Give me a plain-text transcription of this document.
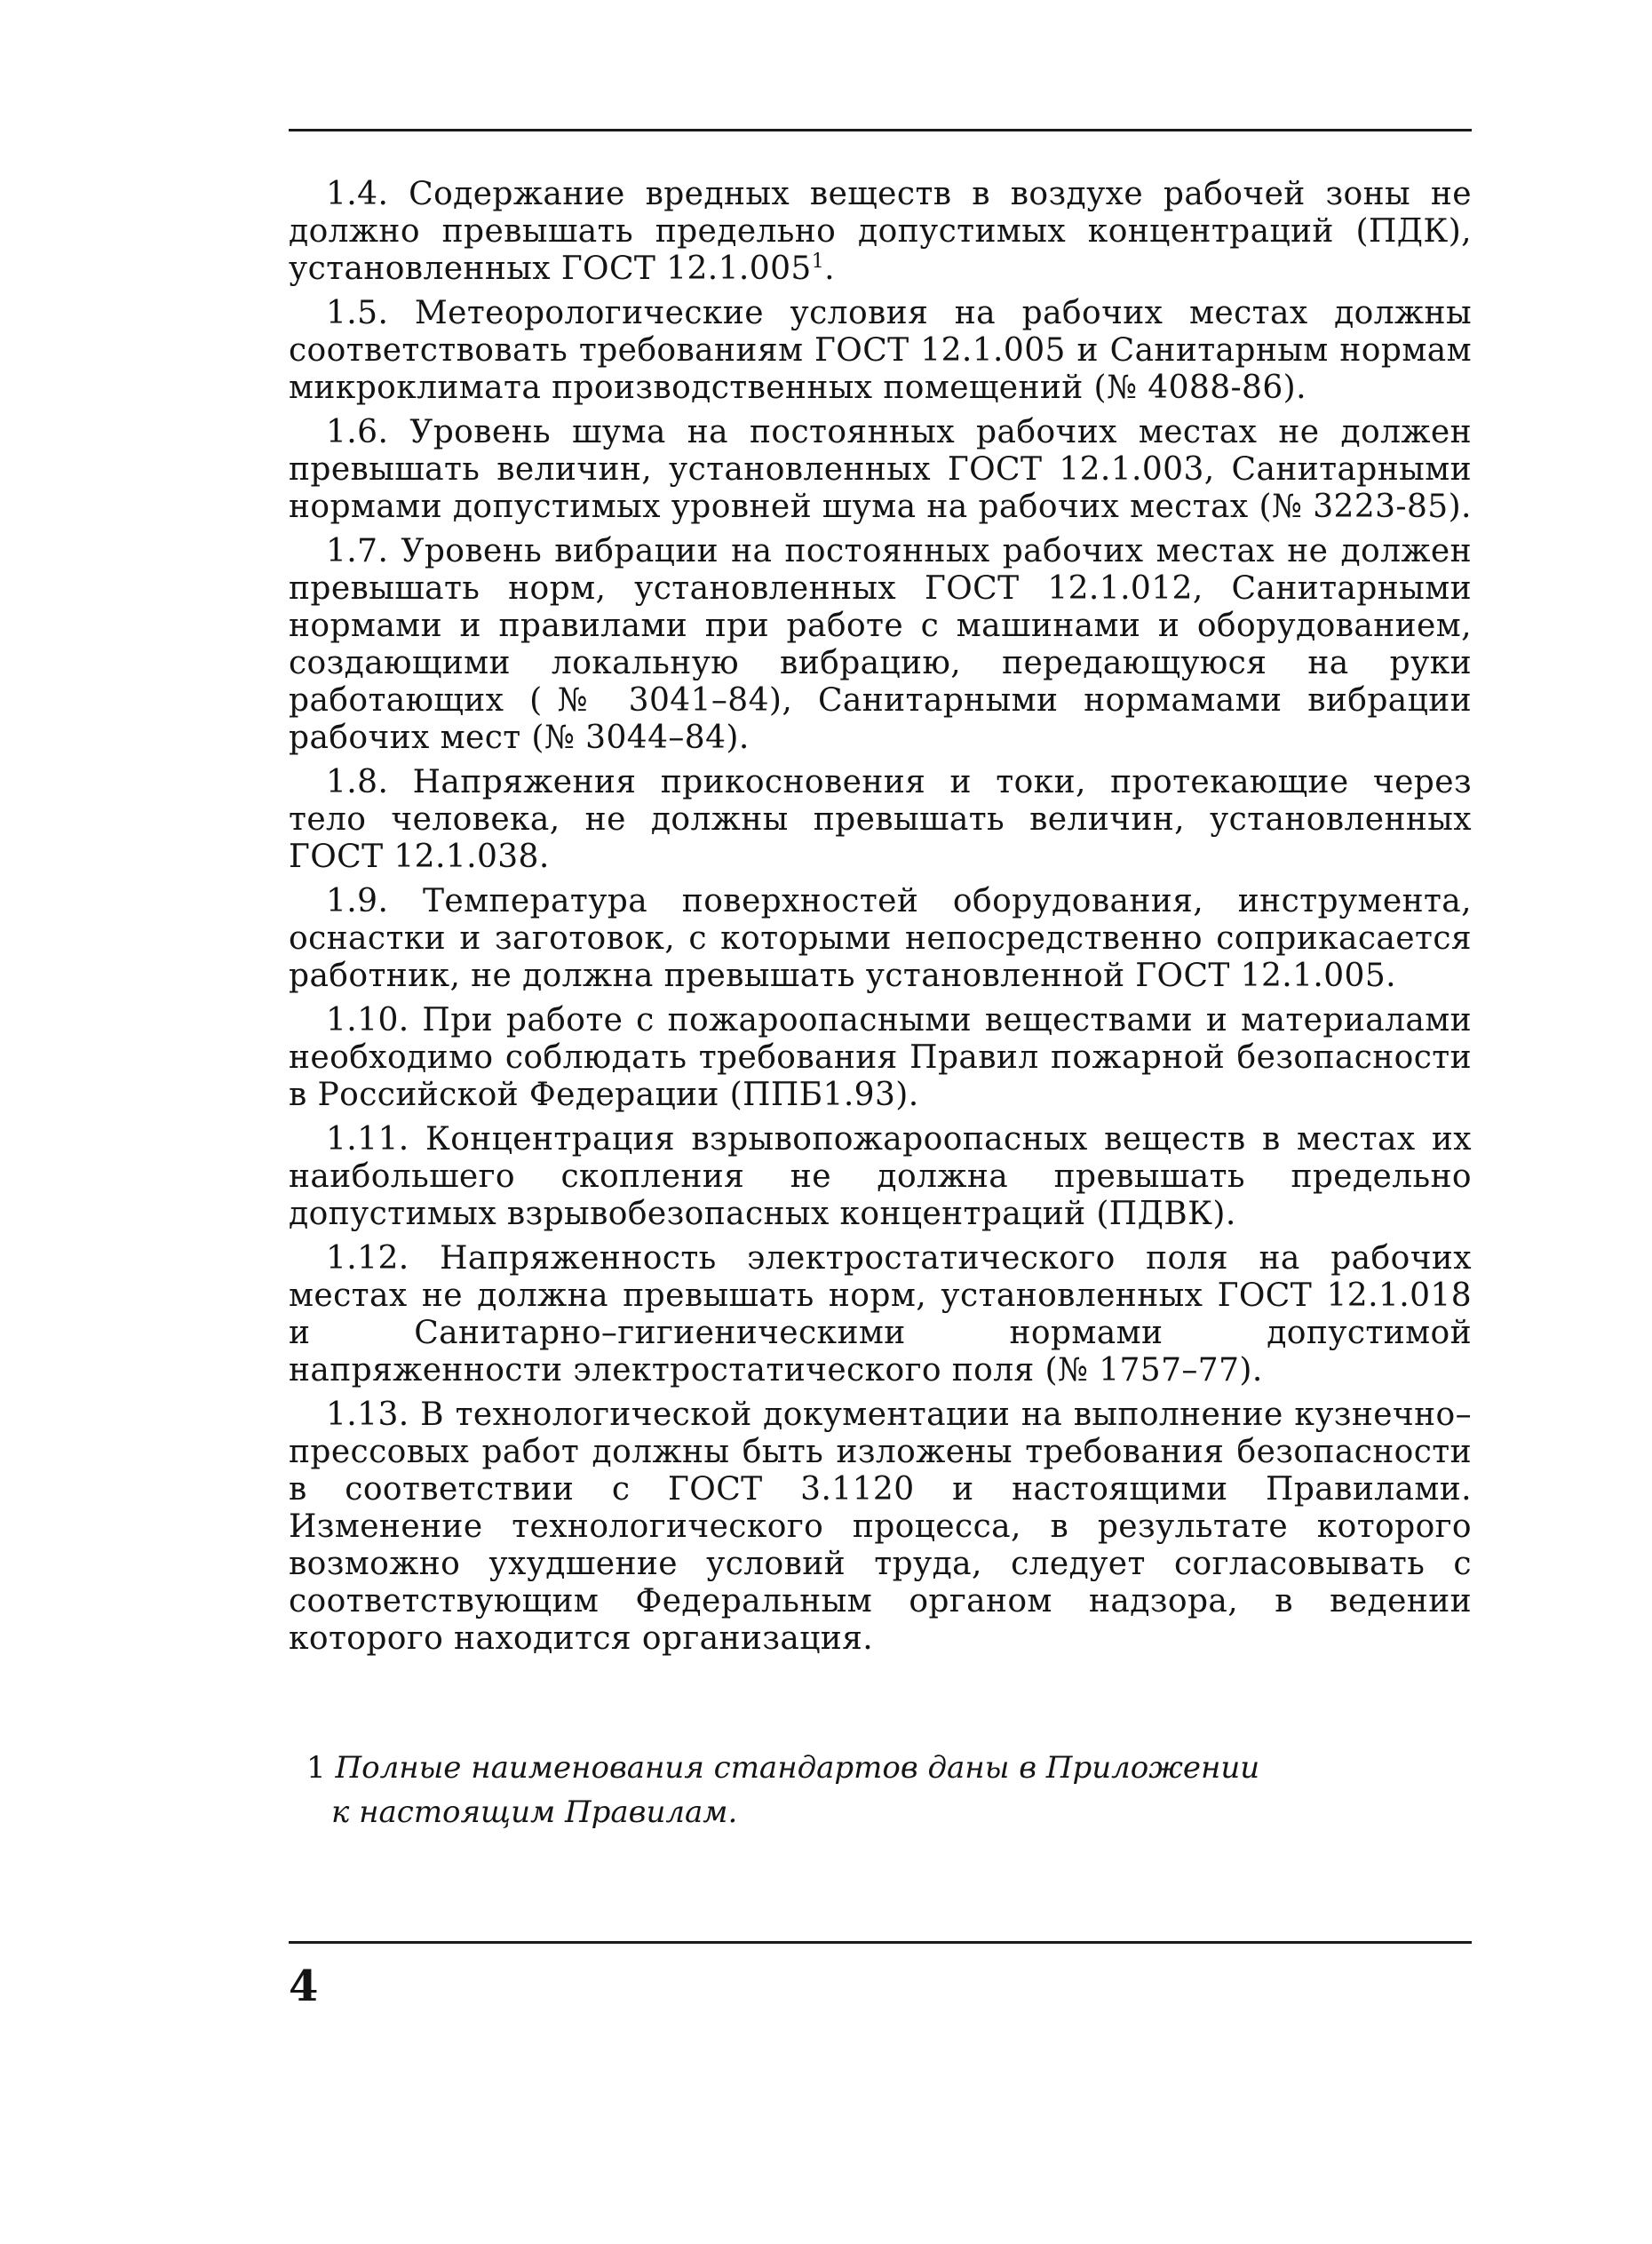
1.4. Содержание вредных веществ в воздухе рабочей зоны не должно превышать предельно допустимых концентраций (ПДК), установленных ГОСТ 12.1.005$^1$.

1.5. Метеорологические условия на рабочих местах должны соответствовать требованиям ГОСТ 12.1.005 и Санитарным нормам микроклимата производственных помещений (№ 4088-86).

1.6. Уровень шума на постоянных рабочих местах не должен превышать величин, установленных ГОСТ 12.1.003, Санитарными нормами допустимых уровней шума на рабочих местах (№ 3223-85).

1.7. Уровень вибрации на постоянных рабочих местах не должен превышать норм, установленных ГОСТ 12.1.012, Санитарными нормами и правилами при работе с машинами и оборудованием, создающими локальную вибрацию, передающуюся на руки работающих (№ 3041–84), Санитарными нормамами вибрации рабочих мест (№ 3044–84).

1.8. Напряжения прикосновения и токи, протекающие через тело человека, не должны превышать величин, установленных ГОСТ 12.1.038.

1.9. Температура поверхностей оборудования, инструмента, оснастки и заготовок, с которыми непосредственно соприкасается работник, не должна превышать установленной ГОСТ 12.1.005.

1.10. При работе с пожароопасными веществами и материалами необходимо соблюдать требования Правил пожарной безопасности в Российской Федерации (ППБ1.93).

1.11. Концентрация взрывопожароопасных веществ в местах их наибольшего скопления не должна превышать предельно допустимых взрывобезопасных концентраций (ПДВК).

1.12. Напряженность электростатического поля на рабочих местах не должна превышать норм, установленных ГОСТ 12.1.018 и Санитарно–гигиеническими нормами допустимой напряженности электростатического поля (№ 1757–77).

1.13. В технологической документации на выполнение кузнечно–прессовых работ должны быть изложены требования безопасности в соответствии с ГОСТ 3.1120 и настоящими Правилами. Изменение технологического процесса, в результате которого возможно ухудшение условий труда, следует согласовывать с соответствующим Федеральным органом надзора, в ведении которого находится организация.

1 Полные наименования стандартов даны в Приложении
к настоящим Правилам.
4
